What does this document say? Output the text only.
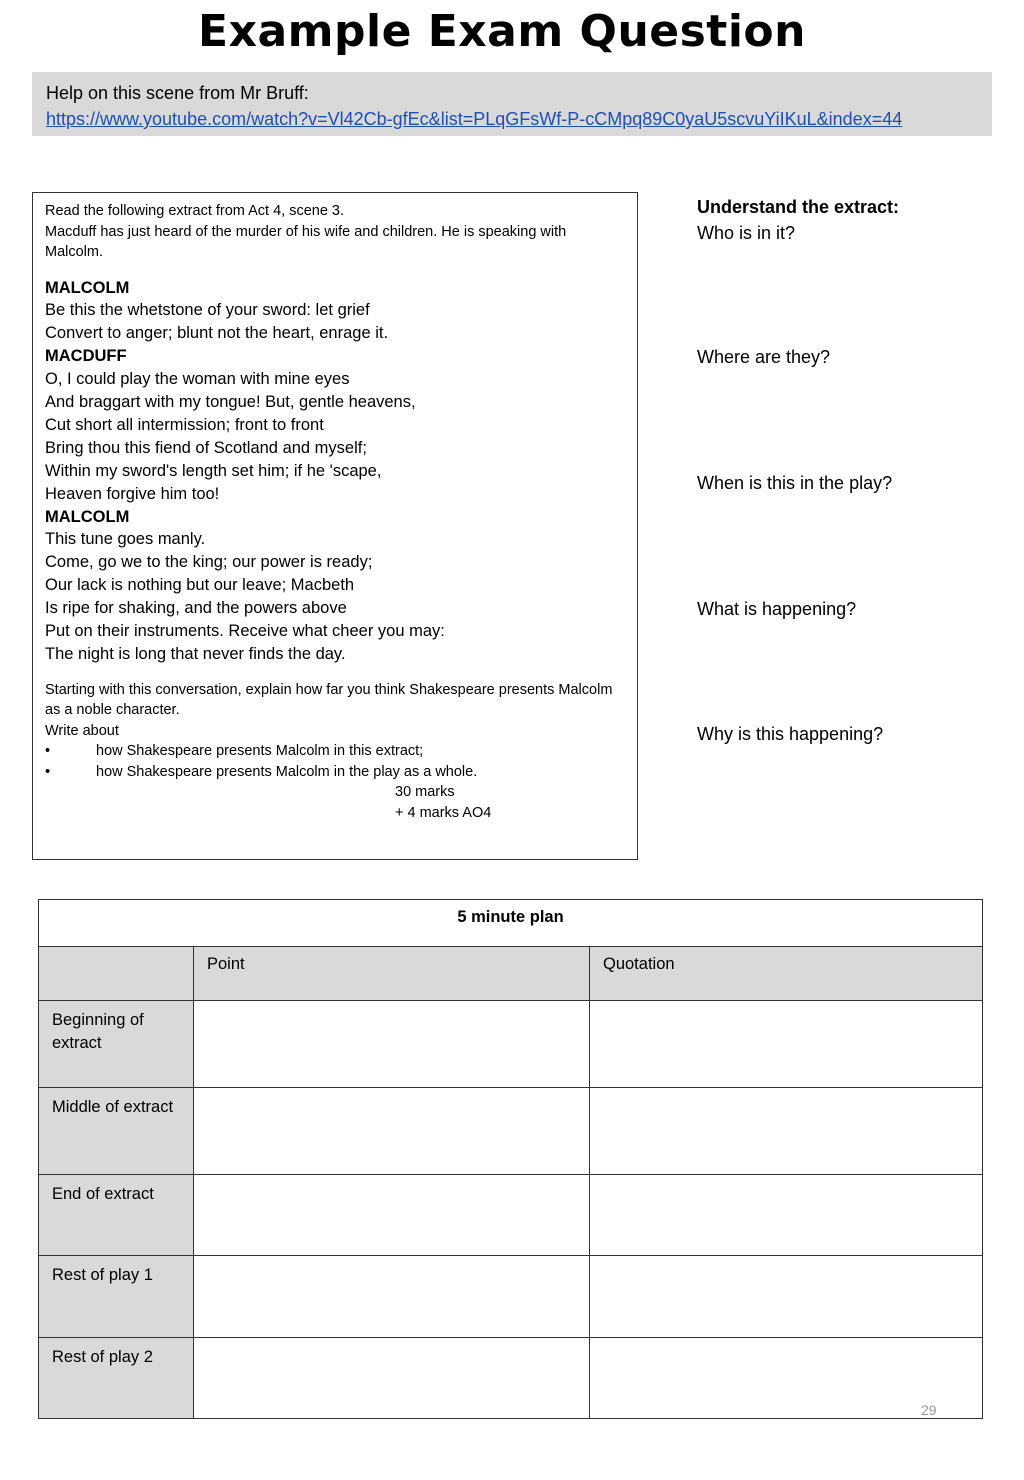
Example Exam Question
Help on this scene from Mr Bruff:
https://www.youtube.com/watch?v=Vl42Cb-gfEc&list=PLqGFsWf-P-cCMpq89C0yaU5scvuYiIKuL&index=44
Read the following extract from Act 4, scene 3.
Macduff has just heard of the murder of his wife and children. He is speaking with Malcolm.
MALCOLM
Be this the whetstone of your sword: let grief
Convert to anger; blunt not the heart, enrage it.
MACDUFF
O, I could play the woman with mine eyes
And braggart with my tongue! But, gentle heavens,
Cut short all intermission; front to front
Bring thou this fiend of Scotland and myself;
Within my sword's length set him; if he 'scape,
Heaven forgive him too!
MALCOLM
This tune goes manly.
Come, go we to the king; our power is ready;
Our lack is nothing but our leave; Macbeth
Is ripe for shaking, and the powers above
Put on their instruments. Receive what cheer you may:
The night is long that never finds the day.
Starting with this conversation, explain how far you think Shakespeare presents Malcolm as a noble character.
Write about
•	how Shakespeare presents Malcolm in this extract;
•	how Shakespeare presents Malcolm in the play as a whole.
30 marks
+ 4 marks AO4
Understand the extract:
Who is in it?
Where are they?
When is this in the play?
What is happening?
Why is this happening?
5 minute plan		
	Point	Quotation
Beginning of extract		
Middle of extract		
End of extract		
Rest of play 1		
Rest of play 2		
29
